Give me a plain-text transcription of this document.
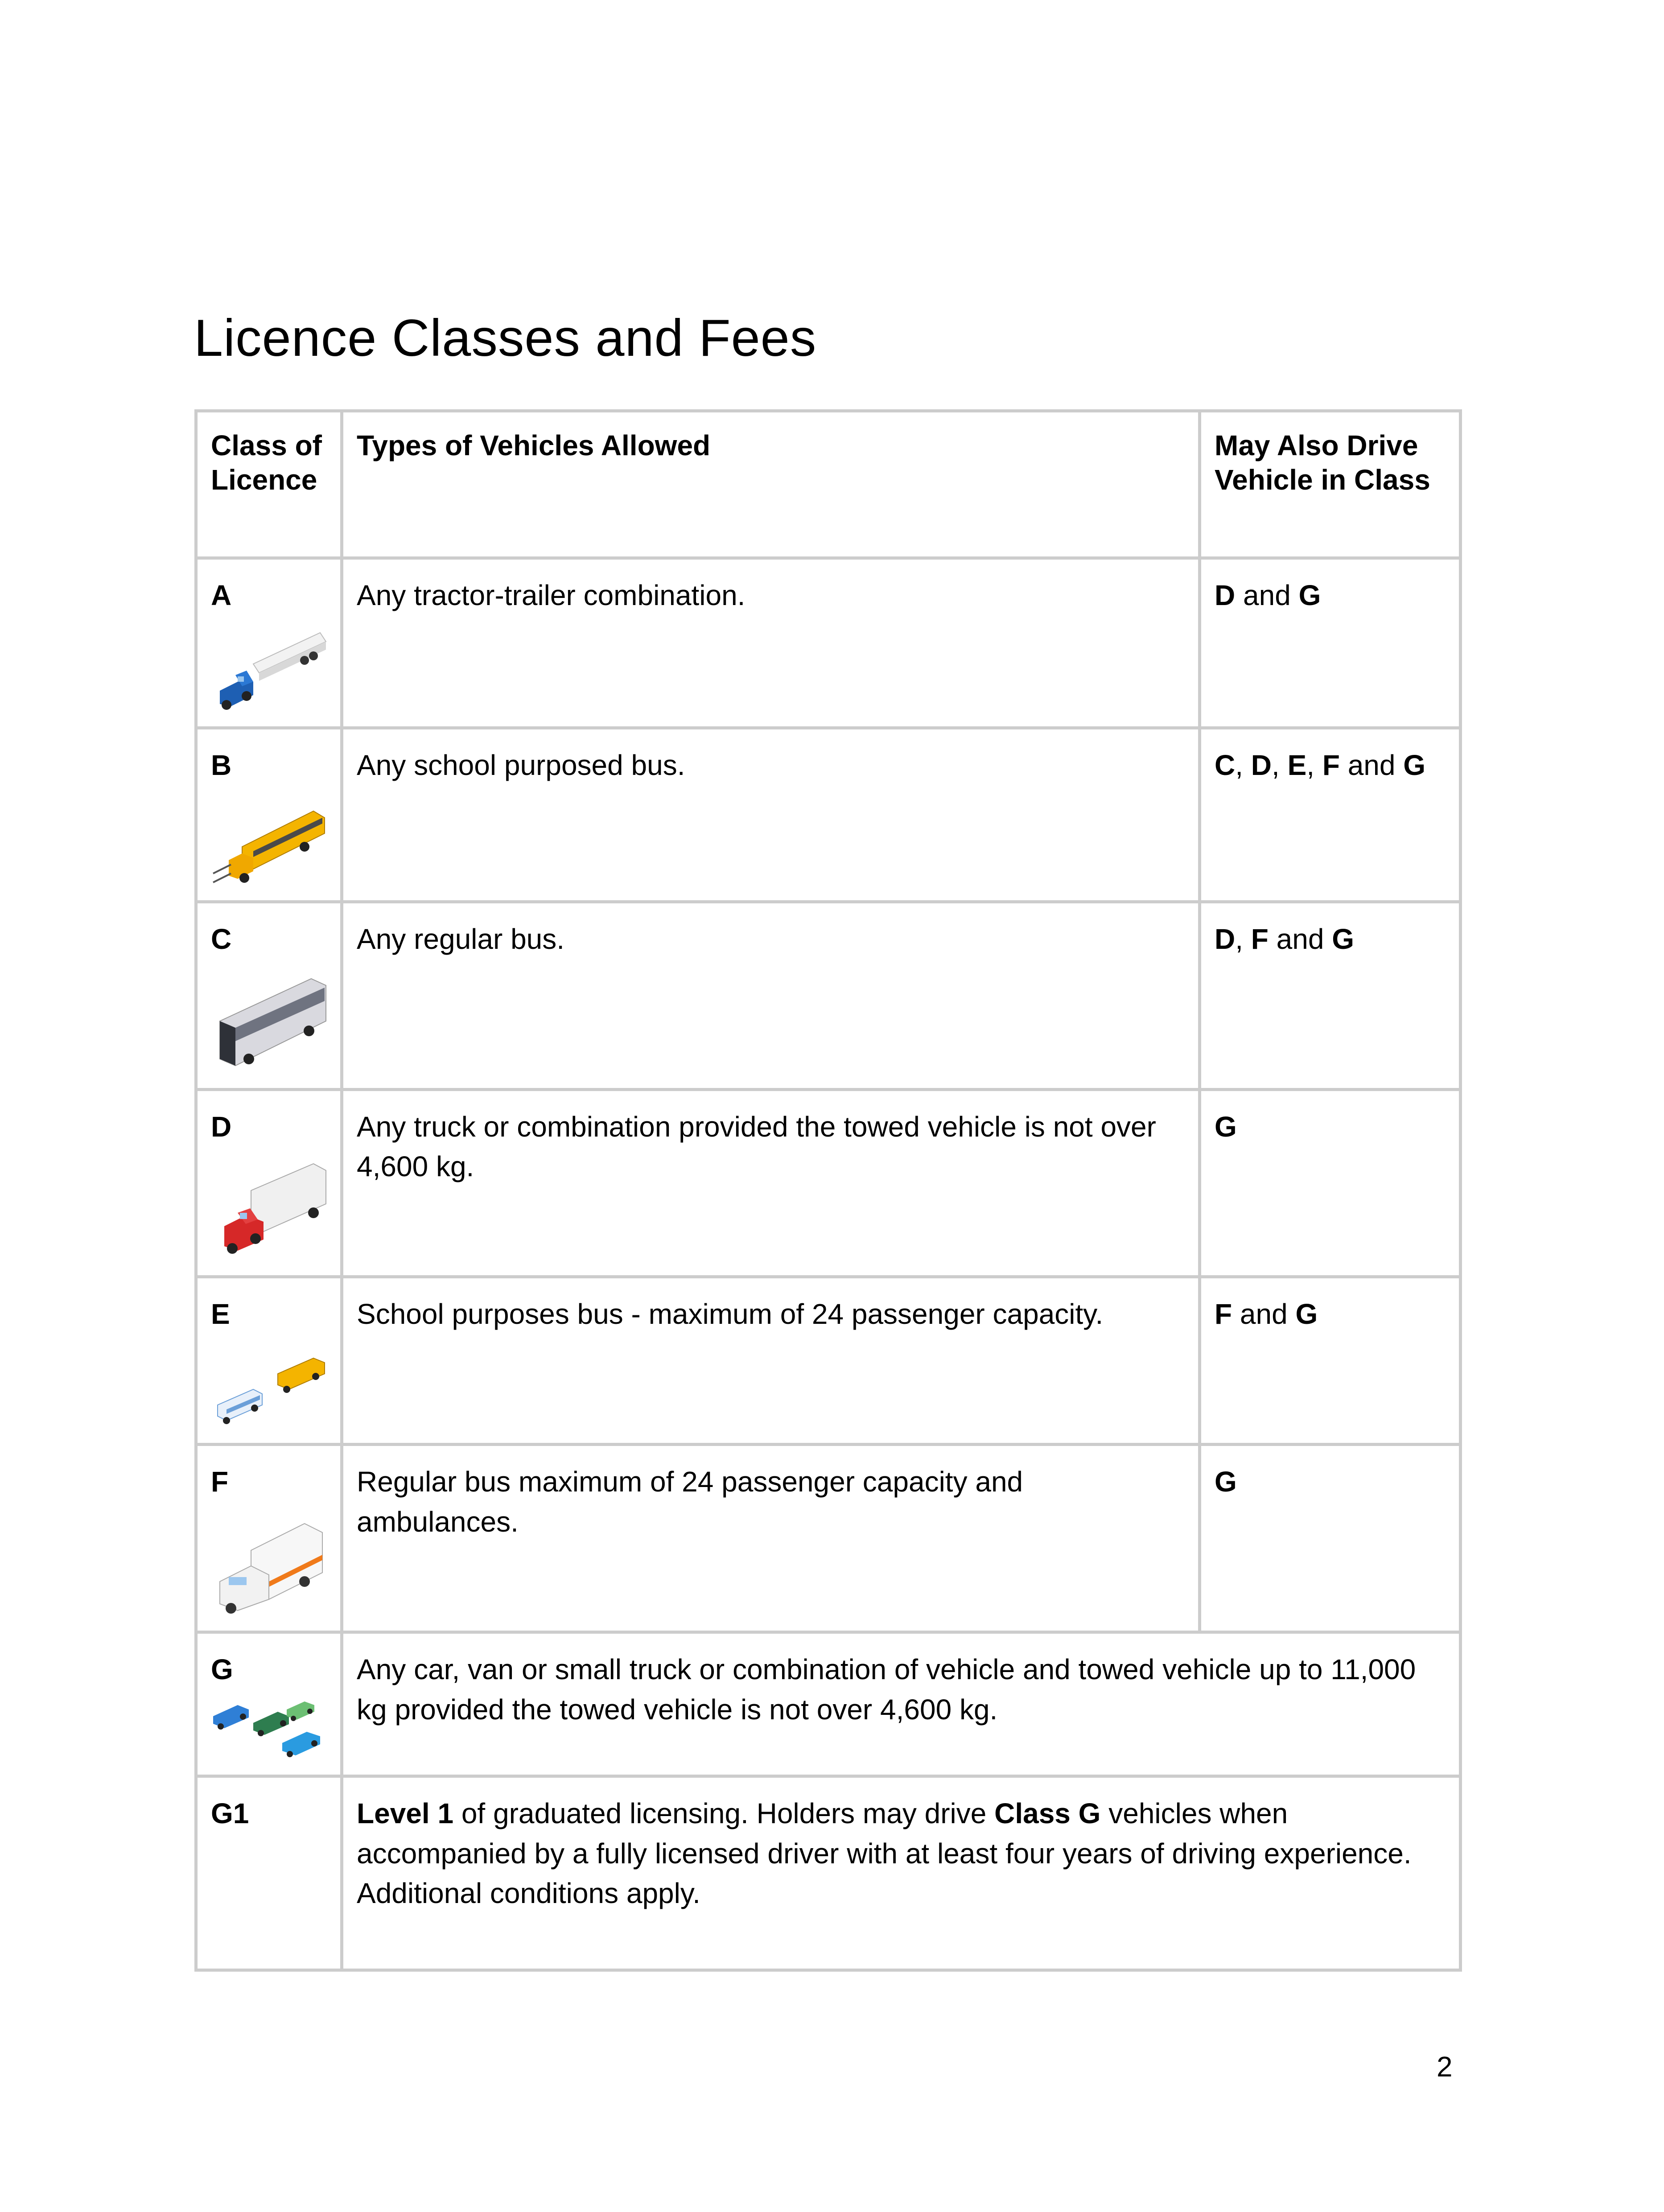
Licence Classes and Fees
Class of Licence	Types of Vehicles Allowed	May Also Drive Vehicle in Class

A	Any tractor-trailer combination.	D and G

B	Any school purposed bus.	C, D, E, F and G

C	Any regular bus.	D, F and G

D	Any truck or combination provided the towed vehicle is not over 4,600 kg.	G

E	School purposes bus - maximum of 24 passenger capacity.	F and G

F	Regular bus maximum of 24 passenger capacity and ambulances.	G

G	Any car, van or small truck or combination of vehicle and towed vehicle up to 11,000 kg provided the towed vehicle is not over 4,600 kg.	

G1	Level 1 of graduated licensing. Holders may drive Class G vehicles when accompanied by a fully licensed driver with at least four years of driving experience. Additional conditions apply.	
2
